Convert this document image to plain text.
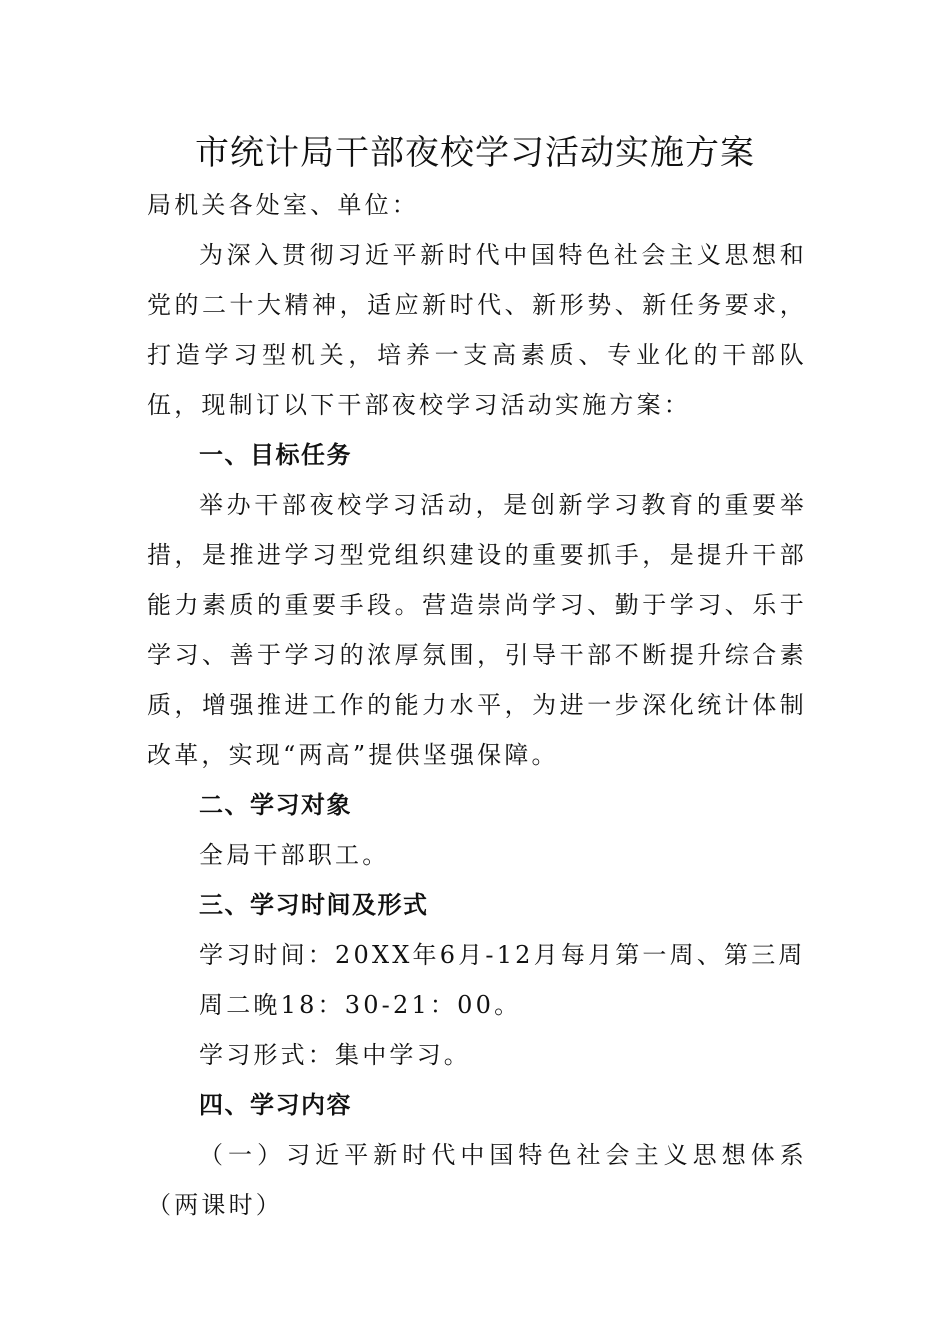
市统计局干部夜校学习活动实施方案

局机关各处室、单位：

为深入贯彻习近平新时代中国特色社会主义思想和党的二十大精神，适应新时代、新形势、新任务要求，打造学习型机关，培养一支高素质、专业化的干部队伍，现制订以下干部夜校学习活动实施方案：

一、目标任务

举办干部夜校学习活动，是创新学习教育的重要举措，是推进学习型党组织建设的重要抓手，是提升干部能力素质的重要手段。营造崇尚学习、勤于学习、乐于学习、善于学习的浓厚氛围，引导干部不断提升综合素质，增强推进工作的能力水平，为进一步深化统计体制改革，实现“两高”提供坚强保障。

二、学习对象

全局干部职工。

三、学习时间及形式

学习时间：20XX年6月-12月每月第一周、第三周

周二晚18：30-21：00。

学习形式：集中学习。

四、学习内容

（一）习近平新时代中国特色社会主义思想体系（两课时）
